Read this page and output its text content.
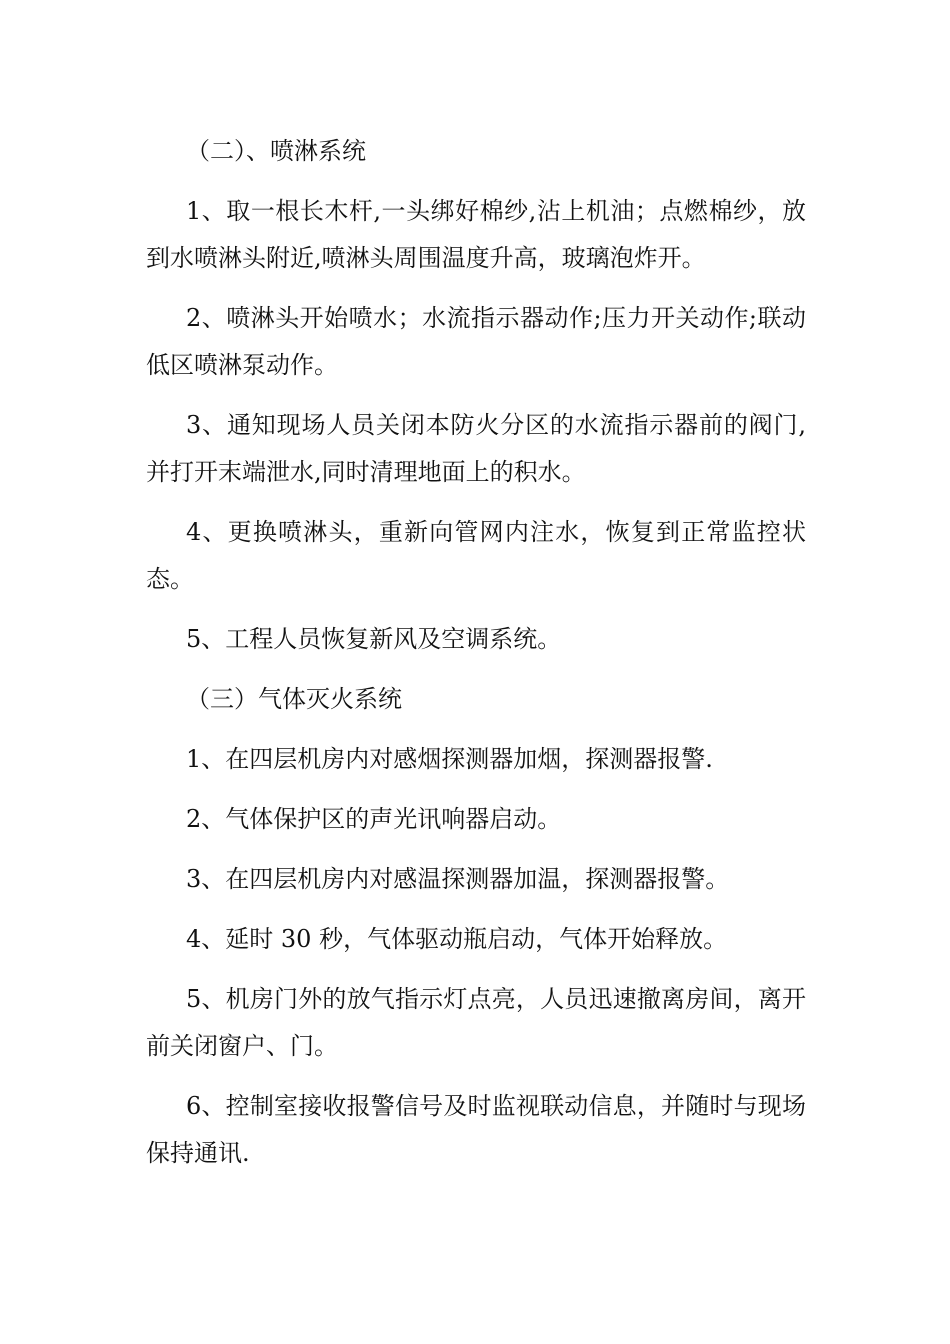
（二）、喷淋系统

1、取一根长木杆,一头绑好棉纱,沾上机油；点燃棉纱，放到水喷淋头附近,喷淋头周围温度升高，玻璃泡炸开。

2、喷淋头开始喷水；水流指示器动作;压力开关动作;联动低区喷淋泵动作。

3、通知现场人员关闭本防火分区的水流指示器前的阀门,并打开末端泄水,同时清理地面上的积水。

4、更换喷淋头，重新向管网内注水，恢复到正常监控状态。

5、工程人员恢复新风及空调系统。

（三）气体灭火系统

1、在四层机房内对感烟探测器加烟，探测器报警.

2、气体保护区的声光讯响器启动。

3、在四层机房内对感温探测器加温，探测器报警。

4、延时 30 秒，气体驱动瓶启动，气体开始释放。

5、机房门外的放气指示灯点亮，人员迅速撤离房间，离开前关闭窗户、门。

6、控制室接收报警信号及时监视联动信息，并随时与现场保持通讯.
